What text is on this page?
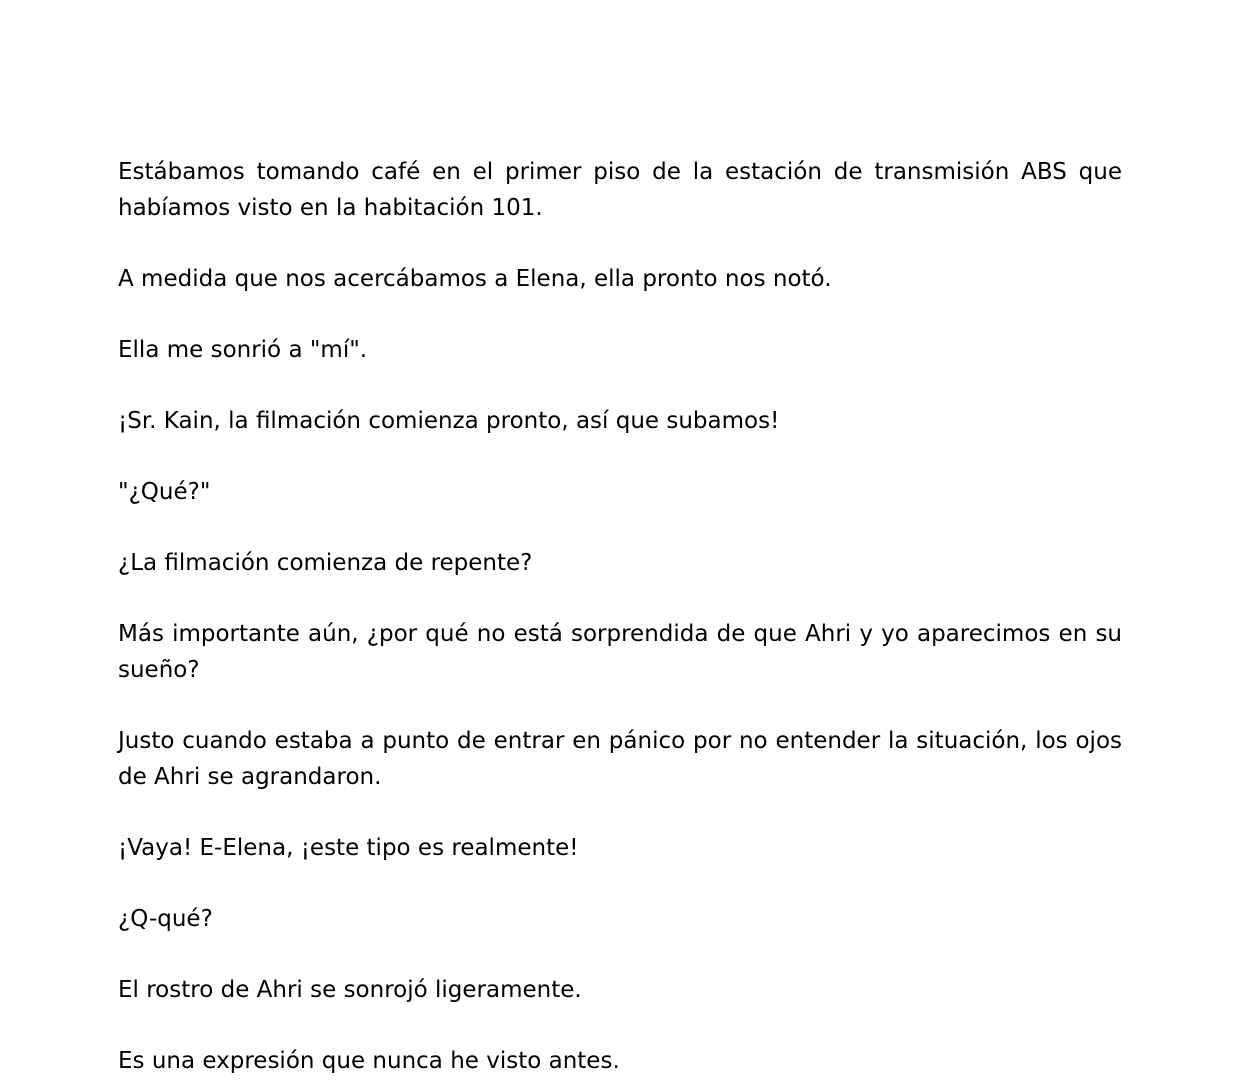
Estábamos tomando café en el primer piso de la estación de transmisión ABS que habíamos visto en la habitación 101.

A medida que nos acercábamos a Elena, ella pronto nos notó.

Ella me sonrió a "mí".

¡Sr. Kain, la filmación comienza pronto, así que subamos!

"¿Qué?"

¿La filmación comienza de repente?

Más importante aún, ¿por qué no está sorprendida de que Ahri y yo aparecimos en su sueño?

Justo cuando estaba a punto de entrar en pánico por no entender la situación, los ojos de Ahri se agrandaron.

¡Vaya! E-Elena, ¡este tipo es realmente!

¿Q-qué?

El rostro de Ahri se sonrojó ligeramente.

Es una expresión que nunca he visto antes.
